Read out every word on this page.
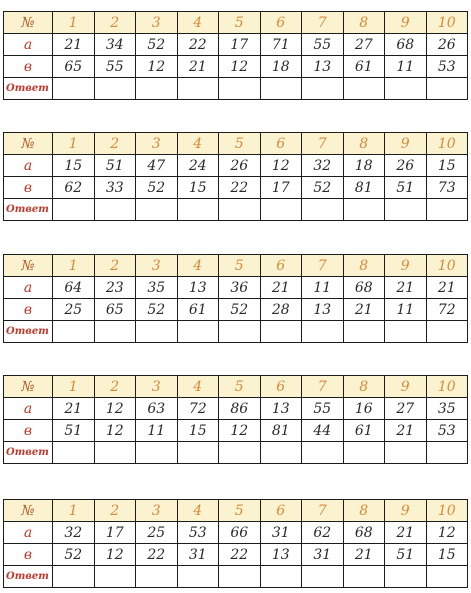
№	1	2	3	4	5	6	7	8	9	10
a	21	34	52	22	17	71	55	27	68	26
в	65	55	12	21	12	18	13	61	11	53
Ответ										
№	1	2	3	4	5	6	7	8	9	10
a	15	51	47	24	26	12	32	18	26	15
в	62	33	52	15	22	17	52	81	51	73
Ответ										
№	1	2	3	4	5	6	7	8	9	10
a	64	23	35	13	36	21	11	68	21	21
в	25	65	52	61	52	28	13	21	11	72
Ответ										
№	1	2	3	4	5	6	7	8	9	10
a	21	12	63	72	86	13	55	16	27	35
в	51	12	11	15	12	81	44	61	21	53
Ответ										
№	1	2	3	4	5	6	7	8	9	10
a	32	17	25	53	66	31	62	68	21	12
в	52	12	22	31	22	13	31	21	51	15
Ответ										
